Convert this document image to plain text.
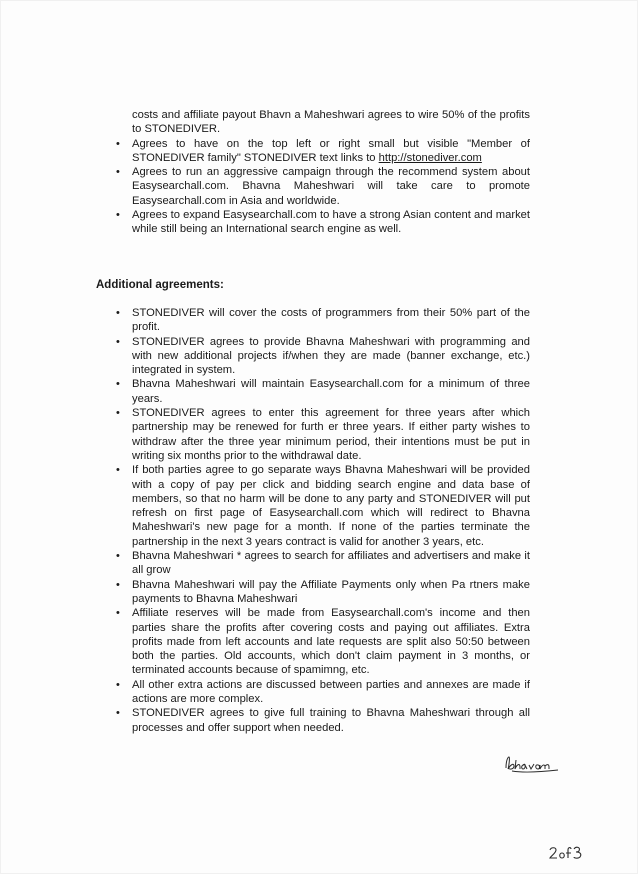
costs and affiliate payout Bhavn a Maheshwari agrees to wire 50% of the profits to STONEDIVER.
• Agrees to have on the top left or right small but visible "Member of STONEDIVER family" STONEDIVER text links to http://stonediver.com
• Agrees to run an aggressive campaign through the recommend system about Easysearchall.com. Bhavna Maheshwari will take care to promote Easysearchall.com in Asia and worldwide.
• Agrees to expand Easysearchall.com to have a strong Asian content and market while still being an International search engine as well.
Additional agreements:
• STONEDIVER will cover the costs of programmers from their 50% part of the profit.
• STONEDIVER agrees to provide Bhavna Maheshwari with programming and with new additional projects if/when they are made (banner exchange, etc.) integrated in system.
• Bhavna Maheshwari will maintain Easysearchall.com for a minimum of three years.
• STONEDIVER agrees to enter this agreement for three years after which partnership may be renewed for furth er three years. If either party wishes to withdraw after the three year minimum period, their intentions must be put in writing six months prior to the withdrawal date.
• If both parties agree to go separate ways Bhavna Maheshwari will be provided with a copy of pay per click and bidding search engine and data base of members, so that no harm will be done to any party and STONEDIVER will put refresh on first page of Easysearchall.com which will redirect to Bhavna Maheshwari's new page for a month. If none of the parties terminate the partnership in the next 3 years contract is valid for another 3 years, etc.
• Bhavna Maheshwari * agrees to search for affiliates and advertisers and make it all grow
• Bhavna Maheshwari will pay the Affiliate Payments only when Pa rtners make payments to Bhavna Maheshwari
• Affiliate reserves will be made from Easysearchall.com's income and then parties share the profits after covering costs and paying out affiliates. Extra profits made from left accounts and late requests are split also 50:50 between both the parties. Old accounts, which don't claim payment in 3 months, or terminated accounts because of spamimng, etc.
• All other extra actions are discussed between parties and annexes are made if actions are more complex.
• STONEDIVER agrees to give full training to Bhavna Maheshwari through all processes and offer support when needed.
